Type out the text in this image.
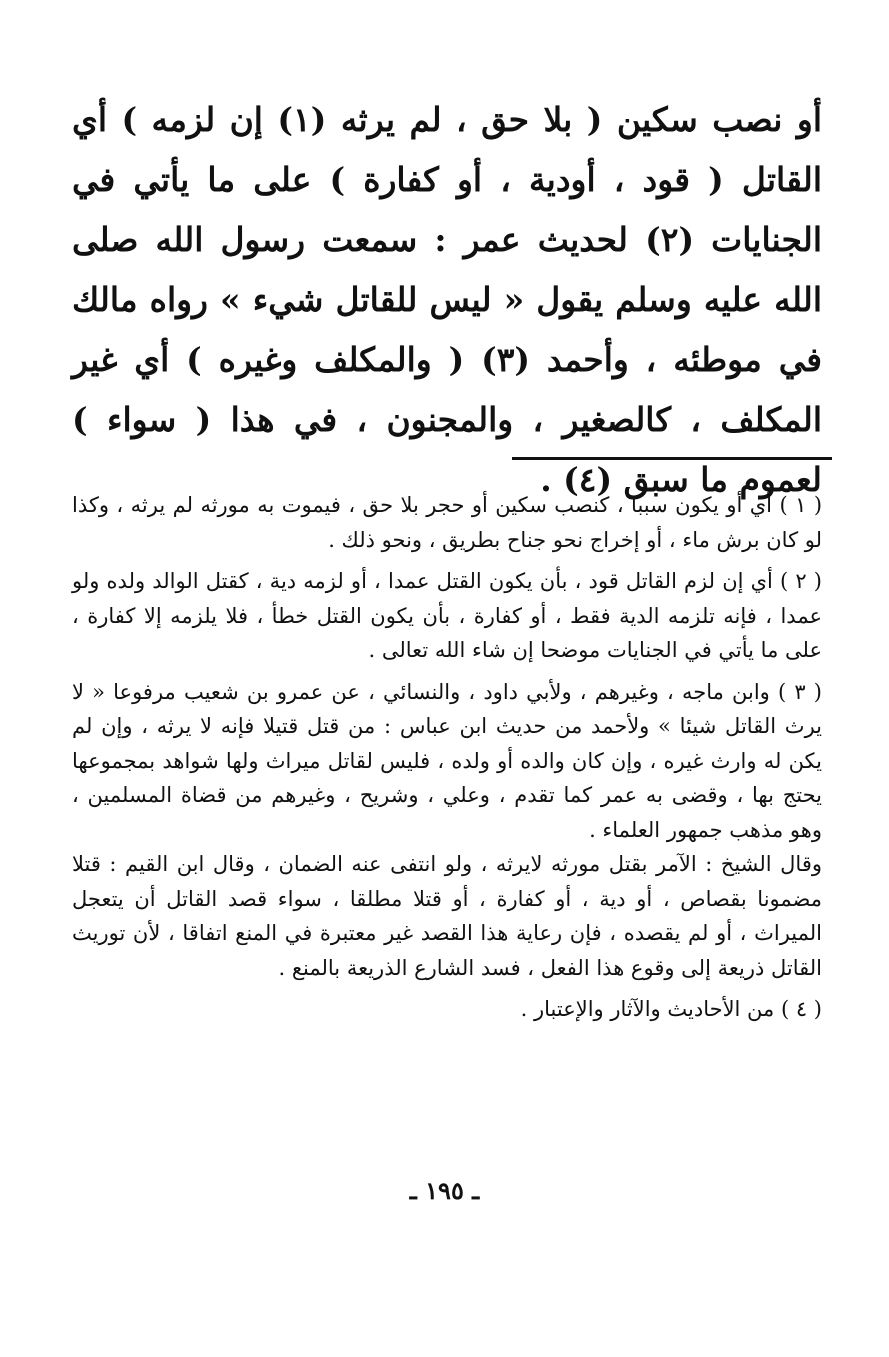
أو نصب سكين ( بلا حق ، لم يرثه (١) إن لزمه ) أي القاتل ( قود ، أودية ، أو كفارة ) على ما يأتي في الجنايات (٢) لحديث عمر : سمعت رسول الله صلى الله عليه وسلم يقول « ليس للقاتل شيء » رواه مالك في موطئه ، وأحمد (٣) ( والمكلف وغيره ) أي غير المكلف ، كالصغير ، والمجنون ، في هذا ( سواء ) لعموم ما سبق (٤) .

( ١ ) أي أو يكون سببا ، كنصب سكين أو حجر بلا حق ، فيموت به مورثه لم يرثه ، وكذا لو كان برش ماء ، أو إخراج نحو جناح بطريق ، ونحو ذلك .

( ٢ ) أي إن لزم القاتل قود ، بأن يكون القتل عمدا ، أو لزمه دية ، كقتل الوالد ولده ولو عمدا ، فإنه تلزمه الدية فقط ، أو كفارة ، بأن يكون القتل خطأ ، فلا يلزمه إلا كفارة ، على ما يأتي في الجنايات موضحا إن شاء الله تعالى .

( ٣ ) وابن ماجه ، وغيرهم ، ولأبي داود ، والنسائي ، عن عمرو بن شعيب مرفوعا « لا يرث القاتل شيئا » ولأحمد من حديث ابن عباس : من قتل قتيلا فإنه لا يرثه ، وإن لم يكن له وارث غيره ، وإن كان والده أو ولده ، فليس لقاتل ميراث ولها شواهد بمجموعها يحتج بها ، وقضى به عمر كما تقدم ، وعلي ، وشريح ، وغيرهم من قضاة المسلمين ، وهو مذهب جمهور العلماء .

وقال الشيخ : الآمر بقتل مورثه لايرثه ، ولو انتفى عنه الضمان ، وقال ابن القيم : قتلا مضمونا بقصاص ، أو دية ، أو كفارة ، أو قتلا مطلقا ، سواء قصد القاتل أن يتعجل الميراث ، أو لم يقصده ، فإن رعاية هذا القصد غير معتبرة في المنع اتفاقا ، لأن توريث القاتل ذريعة إلى وقوع هذا الفعل ، فسد الشارع الذريعة بالمنع .

( ٤ ) من الأحاديث والآثار والإعتبار .

ـ ١٩٥ ـ
